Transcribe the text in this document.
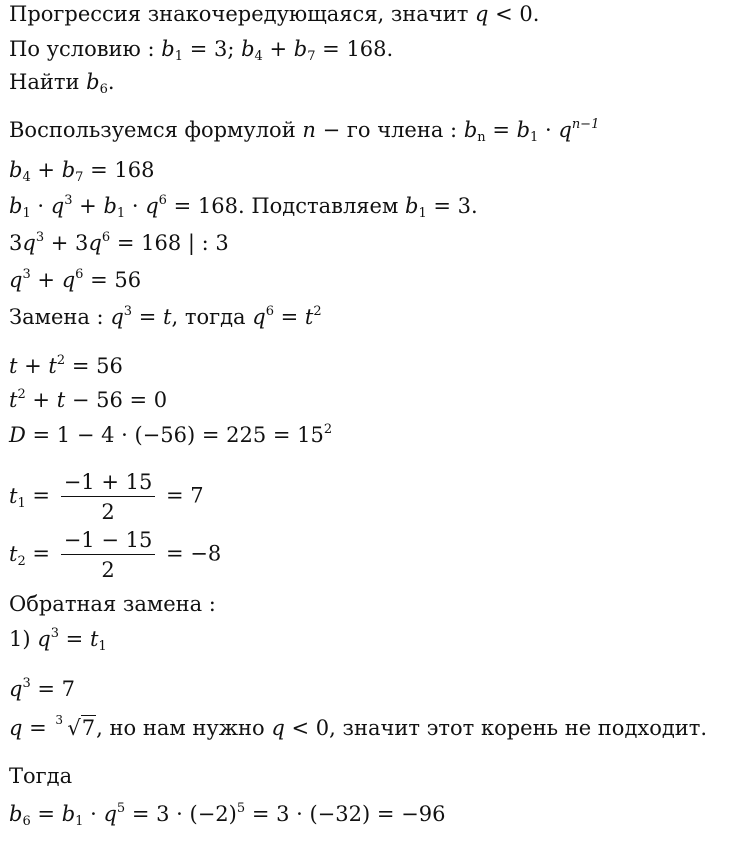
Прогрессия знакочередующаяся, значит q < 0.
По условию : $b_1 = 3$; $b_4 + b_7 = 168$.
Найти $b_6$.
Воспользуемся формулой n − го члена : $b_n = b_1 \cdot q^{n-1}$
$b_4 + b_7 = 168$
$b_1 \cdot q^3 + b_1 \cdot q^6 = 168$. Подставляем $b_1 = 3$.
$3q^3 + 3q^6 = 168$ | : 3
$q^3 + q^6 = 56$
Замена : $q^3 = t$, тогда $q^6 = t^2$
$t + t^2 = 56$
$t^2 + t - 56 = 0$
$D = 1 - 4 \cdot (-56) = 225 = 15^2$
$t_1 = \frac{-1 + 15}{2} = 7$
$t_2 = \frac{-1 - 15}{2} = -8$
Обратная замена :
1) $q^3 = t_1$
$q^3 = 7$
q = 3 √7, но нам нужно q < 0, значит этот корень не подходит.
Тогда
$b_6 = b_1 \cdot q^5 = 3 \cdot (-2)^5 = 3 \cdot (-32) = -96$
